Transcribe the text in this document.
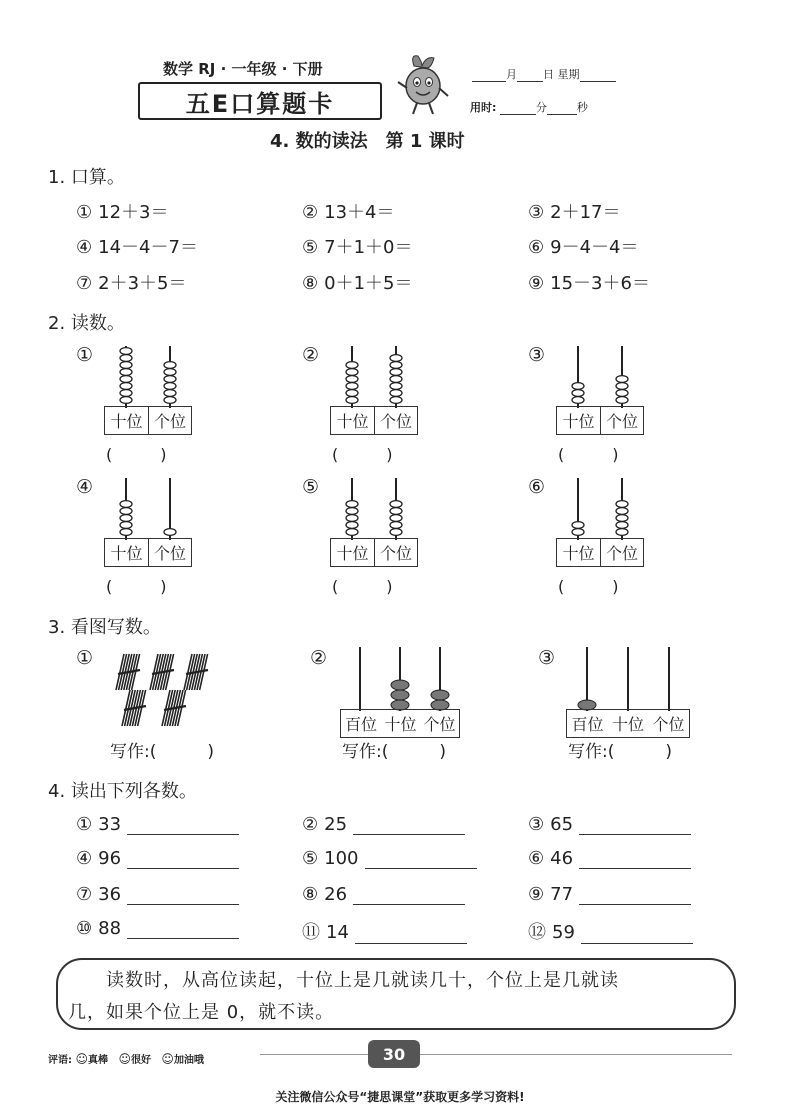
数学 RJ · 一年级 · 下册
五E口算题卡
月 日 星期
用时:	分	秒
4. 数的读法　第 1 课时
1. 口算。
① 12＋3＝	② 13＋4＝	③ 2＋17＝
④ 14－4－7＝	⑤ 7＋1＋0＝	⑥ 9－4－4＝
⑦ 2＋3＋5＝	⑧ 0＋1＋5＝	⑨ 15－3＋6＝
2. 读数。
①
十位 个位
(　　　)
②
十位 个位
(　　　)
③
十位 个位
(　　　)
④
十位 个位
(　　　)
⑤
十位 个位
(　　　)
⑥
十位 个位
(　　　)
3. 看图写数。
①	②	③
百位 十位 个位	百位 十位 个位
写作:(　　　)	写作:(　　　)	写作:(　　　)
4. 读出下列各数。
① 33	② 25	③ 65
④ 96	⑤ 100	⑥ 46
⑦ 36	⑧ 26	⑨ 77
⑩ 88	⑪ 14	⑫ 59

读数时，从高位读起，十位上是几就读几十，个位上是几就读

几，如果个位上是 0，就不读。

评语: ☺真棒 ☺很好 ☺加油哦	30
关注微信公众号“捷思课堂”获取更多学习资料!
